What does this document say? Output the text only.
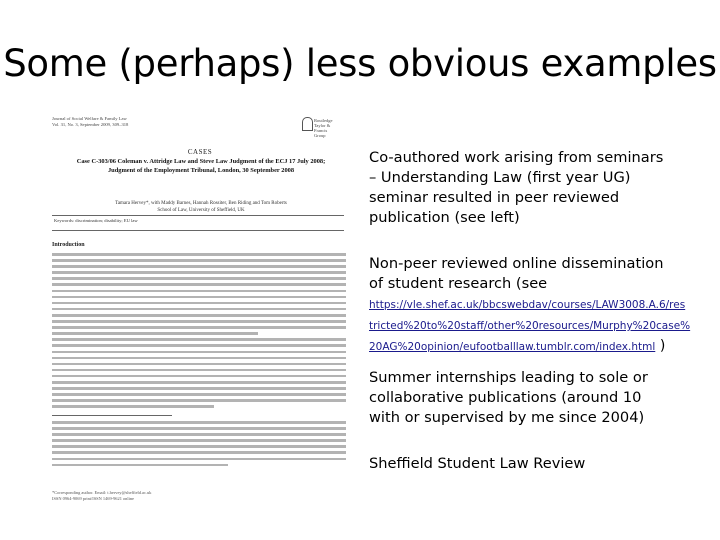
Some (perhaps) less obvious examples
Journal of Social Welfare & Family Law
Vol. 31, No. 3, September 2009, 309–318
Routledge
Taylor & Francis Group
CASES
Case C-303/06 Coleman v. Attridge Law and Steve Law Judgment of the ECJ 17 July 2008; Judgment of the Employment Tribunal, London, 30 September 2008
Tamara Hervey*, with Maddy Barnes, Hannah Rossiter, Ben Riding and Tom Roberts
School of Law, University of Sheffield, UK
Keywords: discrimination; disability; EU law
Introduction
*Corresponding author. Email: t.hervey@sheffield.ac.uk
ISSN 0964-9069 print/ISSN 1469-9621 online

Co-authored work arising from seminars – Understanding Law (first year UG) seminar resulted in peer reviewed publication (see left)

Non-peer reviewed online dissemination of student research (see

https://vle.shef.ac.uk/bbcswebdav/courses/LAW3008.A.6/res
tricted%20to%20staff/other%20resources/Murphy%20case%
20AG%20opinion/eufootballlaw.tumblr.com/index.html )

Summer internships leading to sole or collaborative publications (around 10 with or supervised by me since 2004)

Sheffield Student Law Review
